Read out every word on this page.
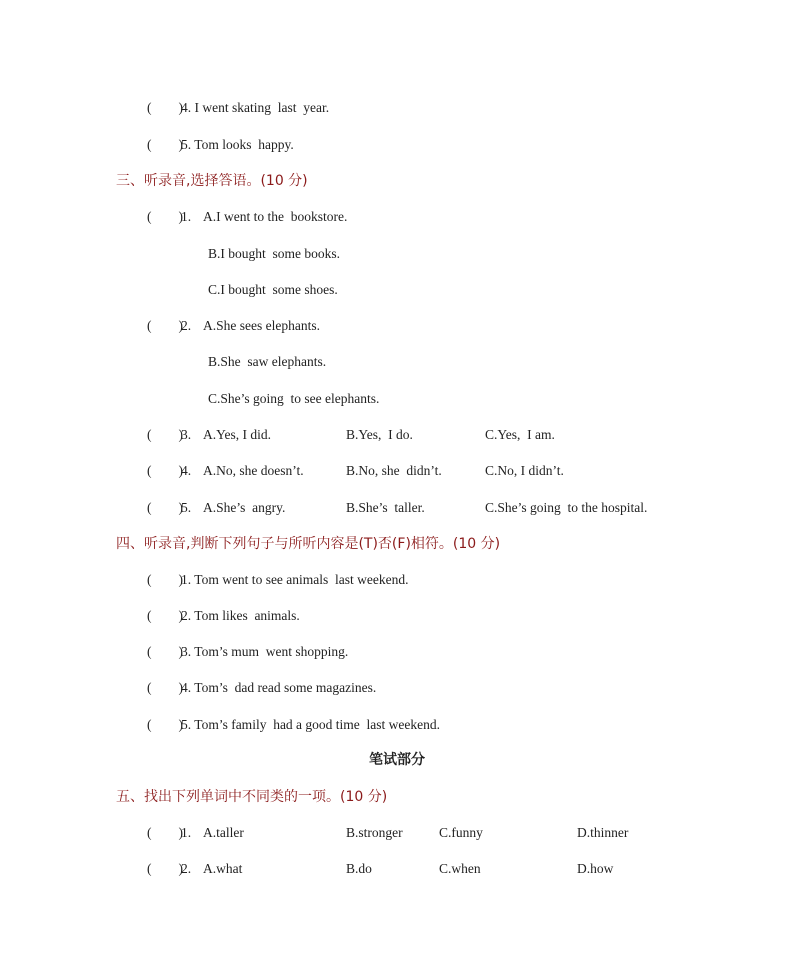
(        )
4. I went skating  last  year.
(        )
5. Tom looks  happy.
三、听录音,选择答语。(10 分)
(        )
1. A.I went to the  bookstore.
B.I bought  some books.
C.I bought  some shoes.
(        )
2. A.She sees elephants.
B.She  saw elephants.
C.She’s going  to see elephants.
(        )
3. A.Yes, I did.	B.Yes,  I do.	C.Yes,  I am.
(        )
4. A.No, she doesn’t.	B.No, she  didn’t.	C.No, I didn’t.
(        )
5. A.She’s  angry.	B.She’s  taller.	C.She’s going  to the hospital.
四、听录音,判断下列句子与所听内容是(T)否(F)相符。(10 分)
(        )
1. Tom went to see animals  last weekend.
(        )
2. Tom likes  animals.
(        )
3. Tom’s mum  went shopping.
(        )
4. Tom’s  dad read some magazines.
(        )
5. Tom’s family  had a good time  last weekend.
笔试部分
五、找出下列单词中不同类的一项。(10 分)
(        )
1. A.taller	B.stronger	C.funny	D.thinner
(        )
2. A.what	B.do	C.when	D.how
